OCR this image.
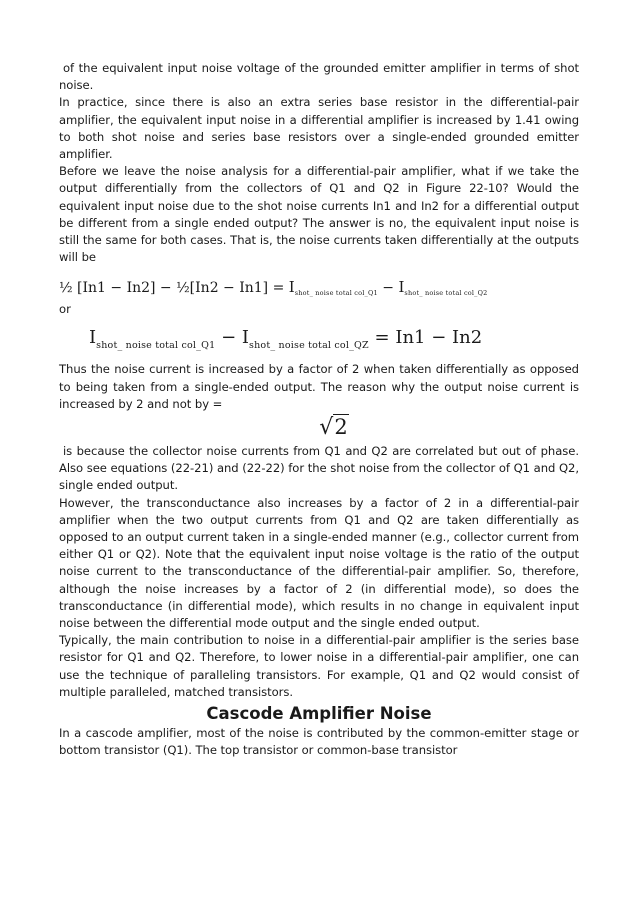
of the equivalent input noise voltage of the grounded emitter amplifier in terms of shot noise.

In practice, since there is also an extra series base resistor in the differential-pair amplifier, the equivalent input noise in a differential amplifier is increased by 1.41 owing to both shot noise and series base resistors over a single-ended grounded emitter amplifier.

Before we leave the noise analysis for a differential-pair amplifier, what if we take the output differentially from the collectors of Q1 and Q2 in Figure 22-10? Would the equivalent input noise due to the shot noise currents In1 and In2 for a differential output be different from a single ended output? The answer is no, the equivalent input noise is still the same for both cases. That is, the noise currents taken differentially at the outputs will be

½ [In1 − In2] − ½[In2 − $In1] = I_{shot\_ noise total col\_Q1} - I_{shot\_ noise total col\_Q2}$

or

$I_{shot\_ noise total col\_Q1} - I_{shot\_ noise total col\_QZ} = In1 - In2$

Thus the noise current is increased by a factor of 2 when taken differentially as opposed to being taken from a single-ended output. The reason why the output noise current is increased by 2 and not by =

√2

is because the collector noise currents from Q1 and Q2 are correlated but out of phase. Also see equations (22-21) and (22-22) for the shot noise from the collector of Q1 and Q2, single ended output.

However, the transconductance also increases by a factor of 2 in a differential-pair amplifier when the two output currents from Q1 and Q2 are taken differentially as opposed to an output current taken in a single-ended manner (e.g., collector current from either Q1 or Q2). Note that the equivalent input noise voltage is the ratio of the output noise current to the transconductance of the differential-pair amplifier. So, therefore, although the noise increases by a factor of 2 (in differential mode), so does the transconductance (in differential mode), which results in no change in equivalent input noise between the differential mode output and the single ended output.

Typically, the main contribution to noise in a differential-pair amplifier is the series base resistor for Q1 and Q2. Therefore, to lower noise in a differential-pair amplifier, one can use the technique of paralleling transistors. For example, Q1 and Q2 would consist of multiple paralleled, matched transistors.

Cascode Amplifier Noise

In a cascode amplifier, most of the noise is contributed by the common-emitter stage or bottom transistor (Q1). The top transistor or common-base transistor
